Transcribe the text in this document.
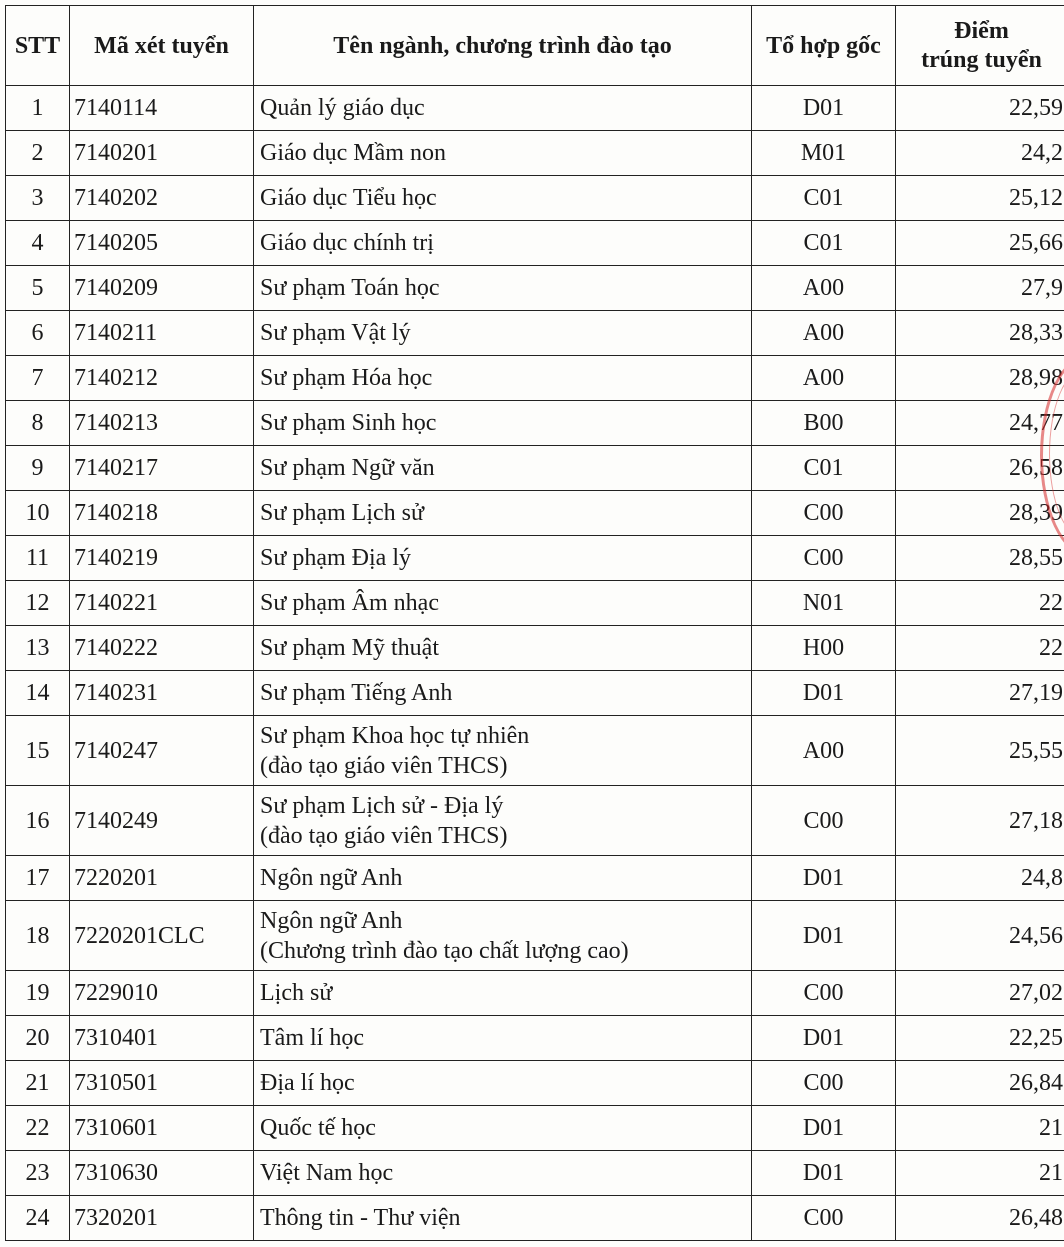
STT	Mã xét tuyển	Tên ngành, chương trình đào tạo	Tổ hợp gốc	Điểm
trúng tuyển

1	7140114	Quản lý giáo dục	D01	22,59
2	7140201	Giáo dục Mầm non	M01	24,2
3	7140202	Giáo dục Tiểu học	C01	25,12
4	7140205	Giáo dục chính trị	C01	25,66
5	7140209	Sư phạm Toán học	A00	27,9
6	7140211	Sư phạm Vật lý	A00	28,33
7	7140212	Sư phạm Hóa học	A00	28,98
8	7140213	Sư phạm Sinh học	B00	24,77
9	7140217	Sư phạm Ngữ văn	C01	26,58
10	7140218	Sư phạm Lịch sử	C00	28,39
11	7140219	Sư phạm Địa lý	C00	28,55
12	7140221	Sư phạm Âm nhạc	N01	22
13	7140222	Sư phạm Mỹ thuật	H00	22
14	7140231	Sư phạm Tiếng Anh	D01	27,19
15	7140247	Sư phạm Khoa học tự nhiên
(đào tạo giáo viên THCS)	A00	25,55
16	7140249	Sư phạm Lịch sử - Địa lý
(đào tạo giáo viên THCS)	C00	27,18
17	7220201	Ngôn ngữ Anh	D01	24,8
18	7220201CLC	Ngôn ngữ Anh
(Chương trình đào tạo chất lượng cao)	D01	24,56
19	7229010	Lịch sử	C00	27,02
20	7310401	Tâm lí học	D01	22,25
21	7310501	Địa lí học	C00	26,84
22	7310601	Quốc tế học	D01	21
23	7310630	Việt Nam học	D01	21
24	7320201	Thông tin - Thư viện	C00	26,48
